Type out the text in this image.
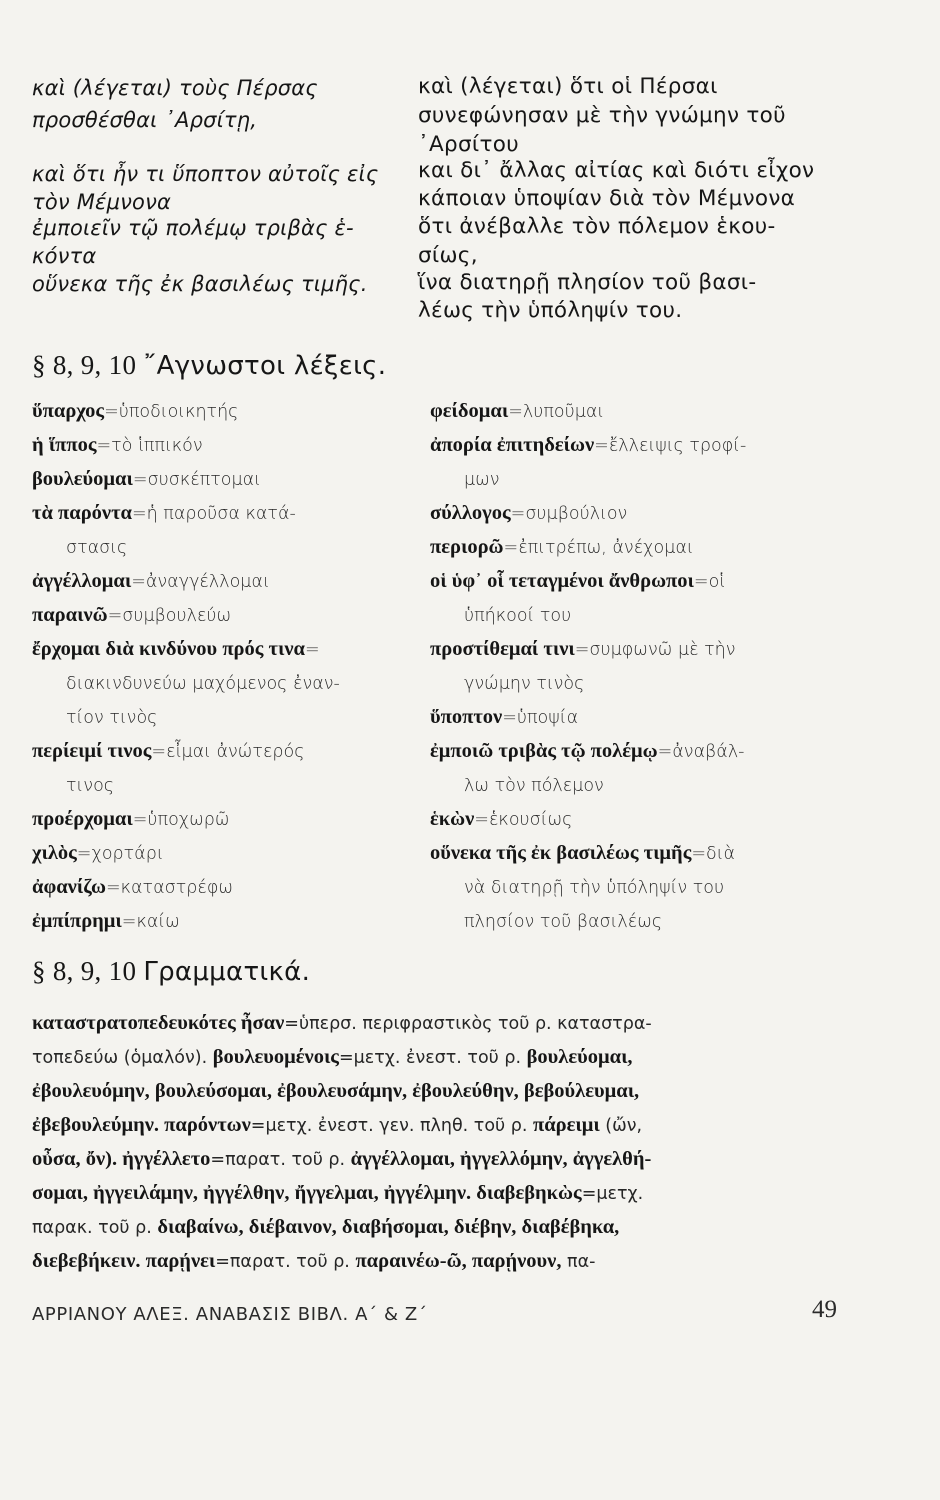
καὶ (λέγεται) τοὺς Πέρσας
προσθέσθαι ᾿Αρσίτῃ,
καὶ ὅτι ἦν τι ὕποπτον αὐτοῖς εἰς
τὸν Μέμνονα
ἐμποιεῖν τῷ πολέμῳ τριβὰς ἑ-
κόντα
οὕνεκα τῆς ἐκ βασιλέως τιμῆς.
καὶ (λέγεται) ὅτι οἱ Πέρσαι
συνεφώνησαν μὲ τὴν γνώμην τοῦ
᾿Αρσίτου
και δι᾿ ἄλλας αἰτίας καὶ διότι εἶχον
κάποιαν ὑποψίαν διὰ τὸν Μέμνονα
ὅτι ἀνέβαλλε τὸν πόλεμον ἑκου-
σίως,
ἵνα διατηρῇ πλησίον τοῦ βασι-
λέως τὴν ὑπόληψίν του.
§ 8, 9, 10 ῎Αγνωστοι λέξεις.
ὕπαρχος=ὑποδιοικητής
ἡ ἵππος=τὸ ἱππικόν
βουλεύομαι=συσκέπτομαι
τὰ παρόντα=ἡ παροῦσα κατά-
στασις
ἀγγέλλομαι=ἀναγγέλλομαι
παραινῶ=συμβουλεύω
ἔρχομαι διὰ κινδύνου πρός τινα=
διακινδυνεύω μαχόμενος ἐναν-
τίον τινὸς
περίειμί τινος=εἶμαι ἀνώτερός
τινος
προέρχομαι=ὑποχωρῶ
χιλὸς=χορτάρι
ἀφανίζω=καταστρέφω
ἐμπίπρημι=καίω
φείδομαι=λυποῦμαι
ἀπορία ἐπιτηδείων=ἔλλειψις τροφί-
μων
σύλλογος=συμβούλιον
περιορῶ=ἐπιτρέπω, ἀνέχομαι
οἱ ὑφ᾿ οἷ τεταγμένοι ἄνθρωποι=οἱ
ὑπήκοοί του
προστίθεμαί τινι=συμφωνῶ μὲ τὴν
γνώμην τινὸς
ὕποπτον=ὑποψία
ἐμποιῶ τριβὰς τῷ πολέμῳ=ἀναβάλ-
λω τὸν πόλεμον
ἑκὼν=ἑκουσίως
οὕνεκα τῆς ἐκ βασιλέως τιμῆς=διὰ
νὰ διατηρῇ τὴν ὑπόληψίν του
πλησίον τοῦ βασιλέως
§ 8, 9, 10 Γραμματικά.
καταστρατοπεδευκότες ἦσαν=ὑπερσ. περιφραστικὸς τοῦ ρ. καταστρα-
τοπεδεύω (ὁμαλόν). βουλευομένοις=μετχ. ἐνεστ. τοῦ ρ. βουλεύομαι,
ἐβουλευόμην, βουλεύσομαι, ἐβουλευσάμην, ἐβουλεύθην, βεβούλευμαι,
ἐβεβουλεύμην. παρόντων=μετχ. ἐνεστ. γεν. πληθ. τοῦ ρ. πάρειμι (ὤν,
οὖσα, ὄν). ἠγγέλλετο=παρατ. τοῦ ρ. ἀγγέλλομαι, ἠγγελλόμην, ἀγγελθή-
σομαι, ἠγγειλάμην, ἠγγέλθην, ἤγγελμαι, ἠγγέλμην. διαβεβηκὼς=μετχ.
παρακ. τοῦ ρ. διαβαίνω, διέβαινον, διαβήσομαι, διέβην, διαβέβηκα,
διεβεβήκειν. παρῄνει=παρατ. τοῦ ρ. παραινέω-ῶ, παρῄνουν, πα-
ΑΡΡΙΑΝΟΥ ΑΛΕΞ. ΑΝΑΒΑΣΙΣ ΒΙΒΛ. Α΄ & Ζ΄	49
